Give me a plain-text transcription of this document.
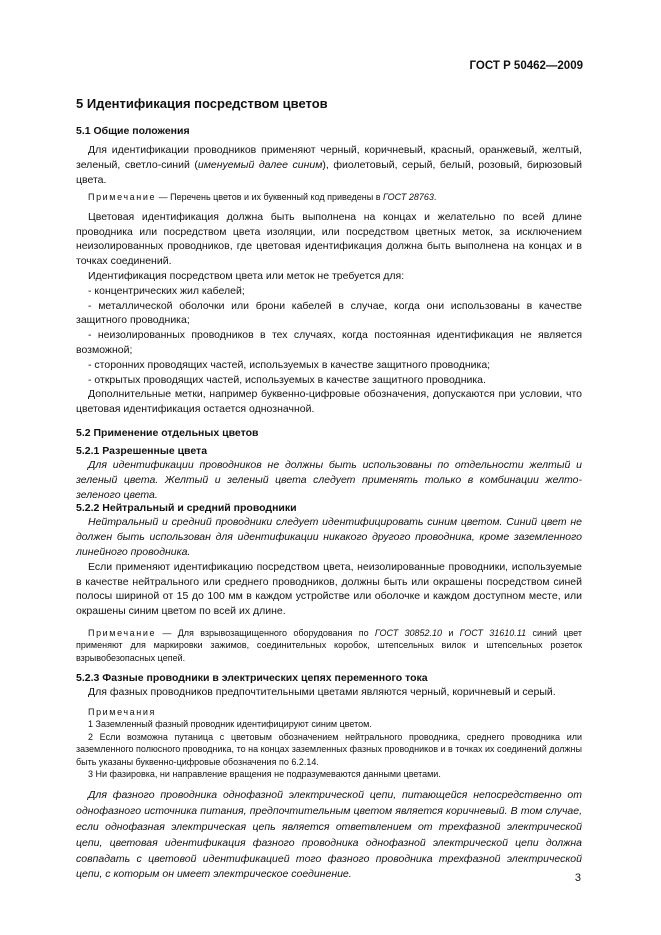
ГОСТ Р 50462—2009
5 Идентификация посредством цветов
5.1 Общие положения

Для идентификации проводников применяют черный, коричневый, красный, оранжевый, желтый, зеленый, светло-синий (именуемый далее синим), фиолетовый, серый, белый, розовый, бирюзовый цвета.

Примечание — Перечень цветов и их буквенный код приведены в ГОСТ 28763.

Цветовая идентификация должна быть выполнена на концах и желательно по всей длине проводника или посредством цвета изоляции, или посредством цветных меток, за исключением неизолированных проводников, где цветовая идентификация должна быть выполнена на концах и в точках соединений.

Идентификация посредством цвета или меток не требуется для:

- концентрических жил кабелей;

- металлической оболочки или брони кабелей в случае, когда они использованы в качестве защитного проводника;

- неизолированных проводников в тех случаях, когда постоянная идентификация не является возможной;

- сторонних проводящих частей, используемых в качестве защитного проводника;

- открытых проводящих частей, используемых в качестве защитного проводника.

Дополнительные метки, например буквенно-цифровые обозначения, допускаются при условии, что цветовая идентификация остается однозначной.

5.2 Применение отдельных цветов
5.2.1 Разрешенные цвета

Для идентификации проводников не должны быть использованы по отдельности желтый и зеленый цвета. Желтый и зеленый цвета следует применять только в комбинации желто-зеленого цвета.

5.2.2 Нейтральный и средний проводники

Нейтральный и средний проводники следует идентифицировать синим цветом. Синий цвет не должен быть использован для идентификации никакого другого проводника, кроме заземленного линейного проводника.

Если применяют идентификацию посредством цвета, неизолированные проводники, используемые в качестве нейтрального или среднего проводников, должны быть или окрашены посредством синей полосы шириной от 15 до 100 мм в каждом устройстве или оболочке и каждом доступном месте, или окрашены синим цветом по всей их длине.

Примечание — Для взрывозащищенного оборудования по ГОСТ 30852.10 и ГОСТ 31610.11 синий цвет применяют для маркировки зажимов, соединительных коробок, штепсельных вилок и штепсельных розеток взрывобезопасных цепей.

5.2.3 Фазные проводники в электрических цепях переменного тока

Для фазных проводников предпочтительными цветами являются черный, коричневый и серый.

Примечания

1 Заземленный фазный проводник идентифицируют синим цветом.

2 Если возможна путаница с цветовым обозначением нейтрального проводника, среднего проводника или заземленного полюсного проводника, то на концах заземленных фазных проводников и в точках их соединений должны быть указаны буквенно-цифровые обозначения по 6.2.14.

3 Ни фазировка, ни направление вращения не подразумеваются данными цветами.

Для фазного проводника однофазной электрической цепи, питающейся непосредственно от однофазного источника питания, предпочтительным цветом является коричневый. В том случае, если однофазная электрическая цепь является ответвлением от трехфазной электрической цепи, цветовая идентификация фазного проводника однофазной электрической цепи должна совпадать с цветовой идентификацией того фазного проводника трехфазной электрической цепи, с которым он имеет электрическое соединение.	3
